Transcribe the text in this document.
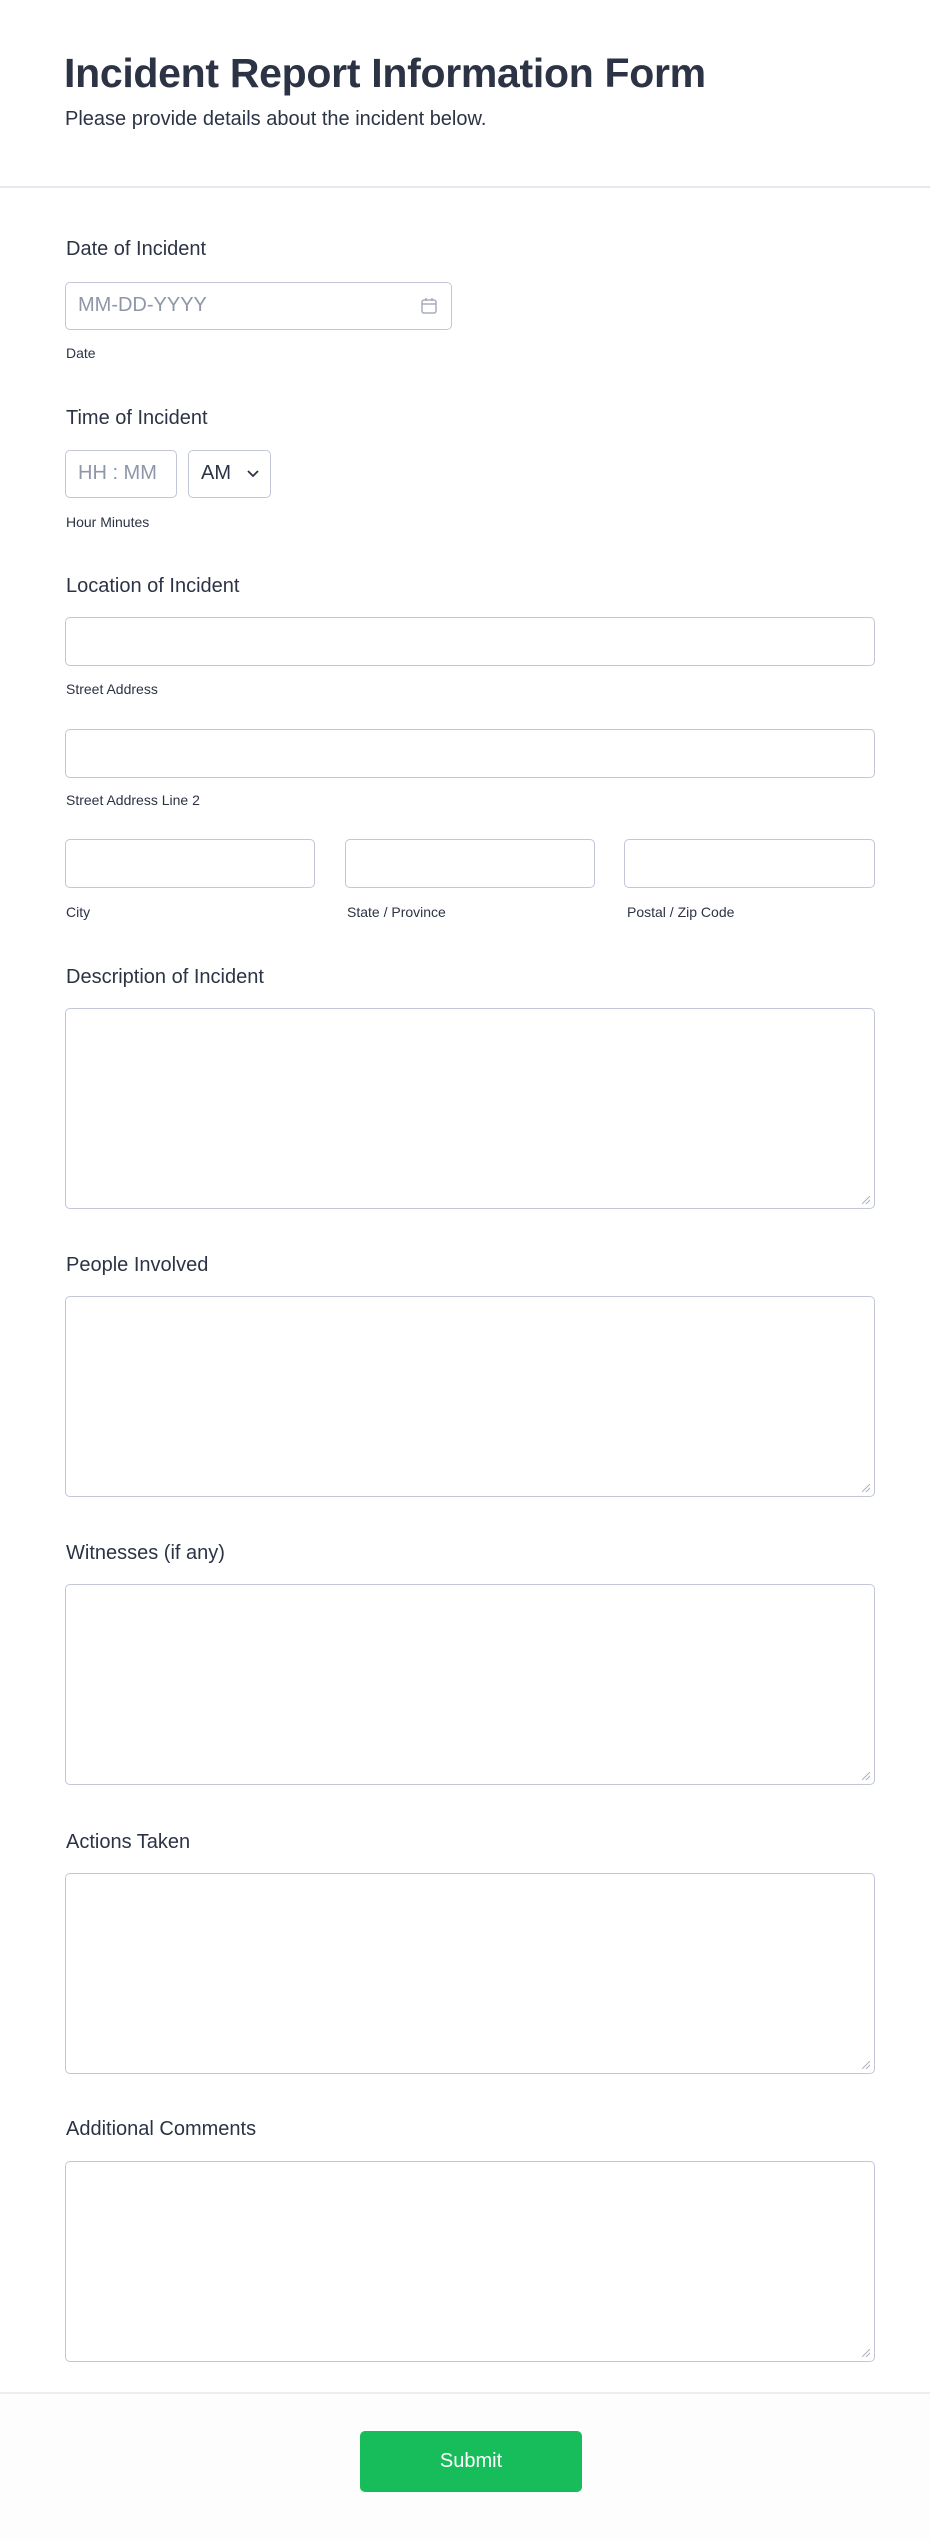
Incident Report Information Form

Please provide details about the incident below.

Date of Incident
MM-DD-YYYY
Date
Time of Incident
HH : MM AM
Hour Minutes
Location of Incident
Street Address
Street Address Line 2
City	State / Province	Postal / Zip Code
Description of Incident
People Involved
Witnesses (if any)
Actions Taken
Additional Comments
Submit
